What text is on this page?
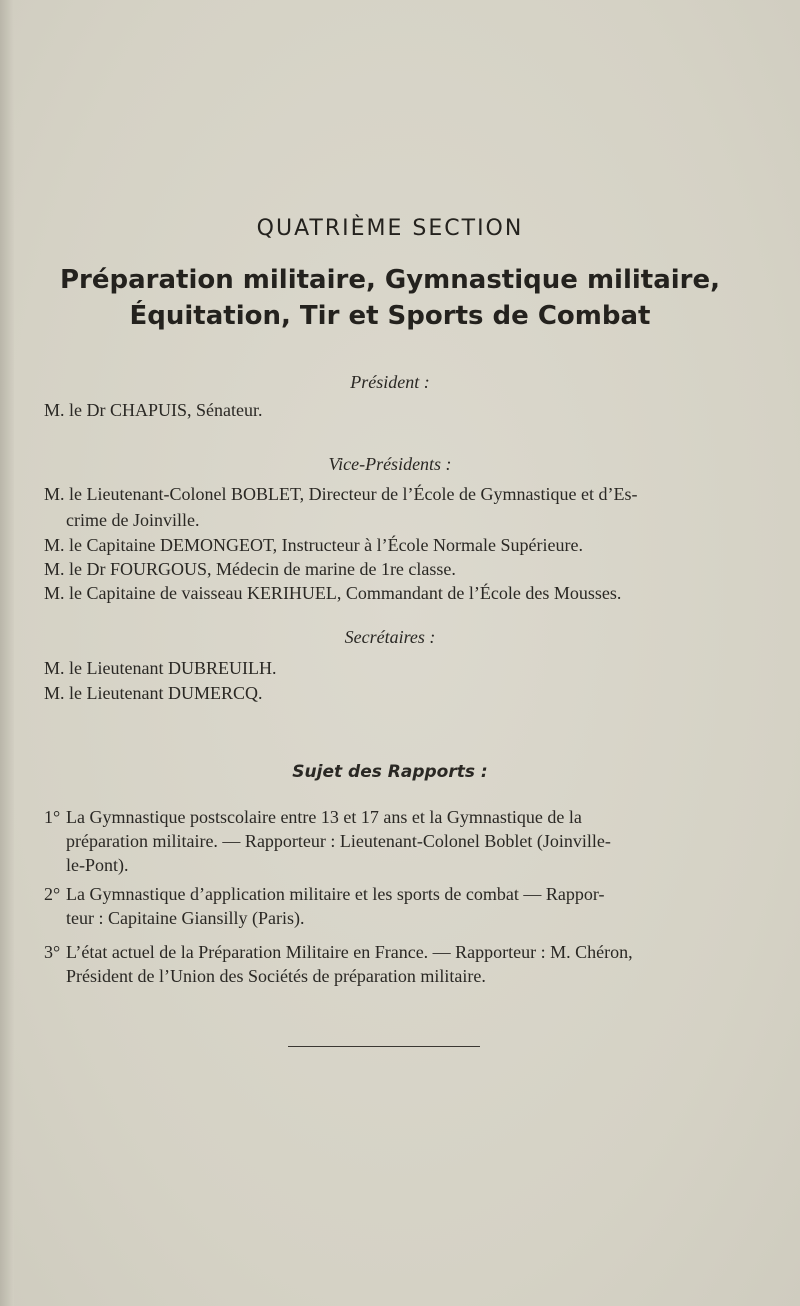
QUATRIÈME SECTION
Préparation militaire, Gymnastique militaire,
Équitation, Tir et Sports de Combat
Président :
M. le Dr CHAPUIS, Sénateur.
Vice-Présidents :
M. le Lieutenant-Colonel BOBLET, Directeur de l’École de Gymnastique et d’Es-
crime de Joinville.
M. le Capitaine DEMONGEOT, Instructeur à l’École Normale Supérieure.
M. le Dr FOURGOUS, Médecin de marine de 1re classe.
M. le Capitaine de vaisseau KERIHUEL, Commandant de l’École des Mousses.
Secrétaires :
M. le Lieutenant DUBREUILH.
M. le Lieutenant DUMERCQ.
Sujet des Rapports :
1° La Gymnastique postscolaire entre 13 et 17 ans et la Gymnastique de la
préparation militaire. — Rapporteur : Lieutenant-Colonel Boblet (Joinville-
le-Pont).
2° La Gymnastique d’application militaire et les sports de combat — Rappor-
teur : Capitaine Giansilly (Paris).
3° L’état actuel de la Préparation Militaire en France. — Rapporteur : M. Chéron,
Président de l’Union des Sociétés de préparation militaire.
